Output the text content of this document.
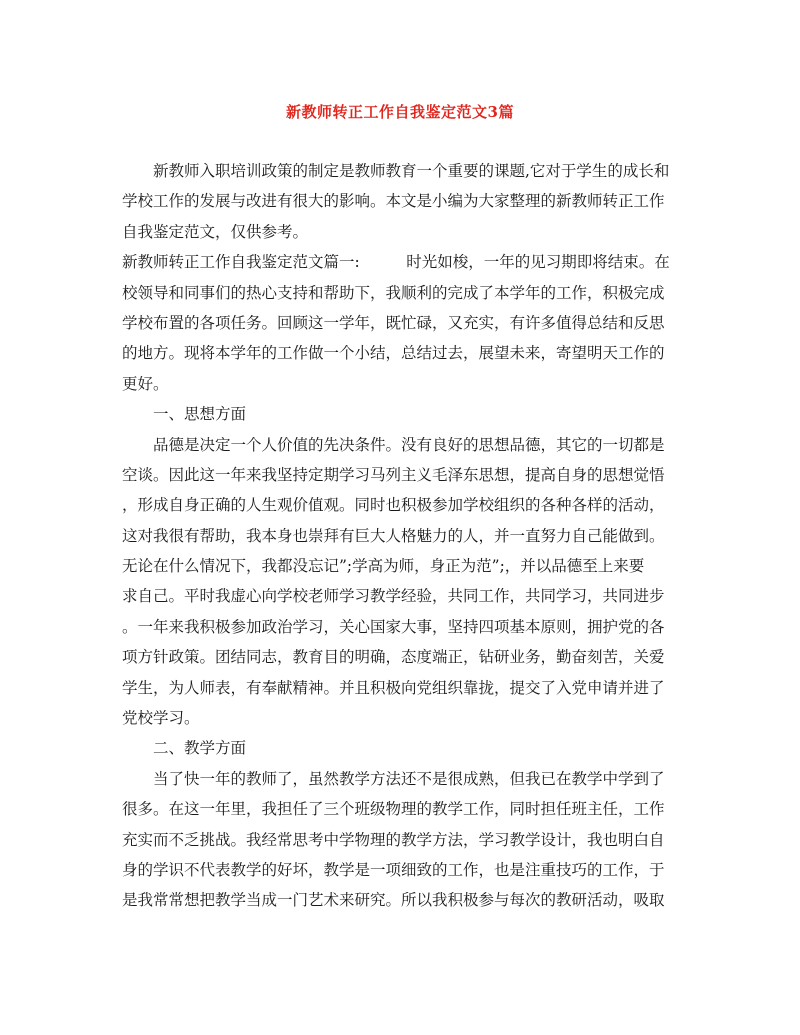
新教师转正工作自我鉴定范文3篇
新教师入职培训政策的制定是教师教育一个重要的课题,它对于学生的成长和
学校工作的发展与改进有很大的影响。本文是小编为大家整理的新教师转正工作
自我鉴定范文，仅供参考。
新教师转正工作自我鉴定范文篇一:　　　时光如梭，一年的见习期即将结束。在
校领导和同事们的热心支持和帮助下，我顺利的完成了本学年的工作，积极完成
学校布置的各项任务。回顾这一学年，既忙碌，又充实，有许多值得总结和反思
的地方。现将本学年的工作做一个小结，总结过去，展望未来，寄望明天工作的
更好。
一、思想方面
品德是决定一个人价值的先决条件。没有良好的思想品德，其它的一切都是
空谈。因此这一年来我坚持定期学习马列主义毛泽东思想，提高自身的思想觉悟
，形成自身正确的人生观价值观。同时也积极参加学校组织的各种各样的活动，
这对我很有帮助，我本身也崇拜有巨大人格魅力的人，并一直努力自己能做到。
无论在什么情况下，我都没忘记”;学高为师，身正为范”;，并以品德至上来要
求自己。平时我虚心向学校老师学习教学经验，共同工作，共同学习，共同进步
。一年来我积极参加政治学习，关心国家大事，坚持四项基本原则，拥护党的各
项方针政策。团结同志，教育目的明确，态度端正，钻研业务，勤奋刻苦，关爱
学生，为人师表，有奉献精神。并且积极向党组织靠拢，提交了入党申请并进了
党校学习。
二、教学方面
当了快一年的教师了，虽然教学方法还不是很成熟，但我已在教学中学到了
很多。在这一年里，我担任了三个班级物理的教学工作，同时担任班主任，工作
充实而不乏挑战。我经常思考中学物理的教学方法，学习教学设计，我也明白自
身的学识不代表教学的好坏，教学是一项细致的工作，也是注重技巧的工作，于
是我常常想把教学当成一门艺术来研究。所以我积极参与每次的教研活动，吸取
